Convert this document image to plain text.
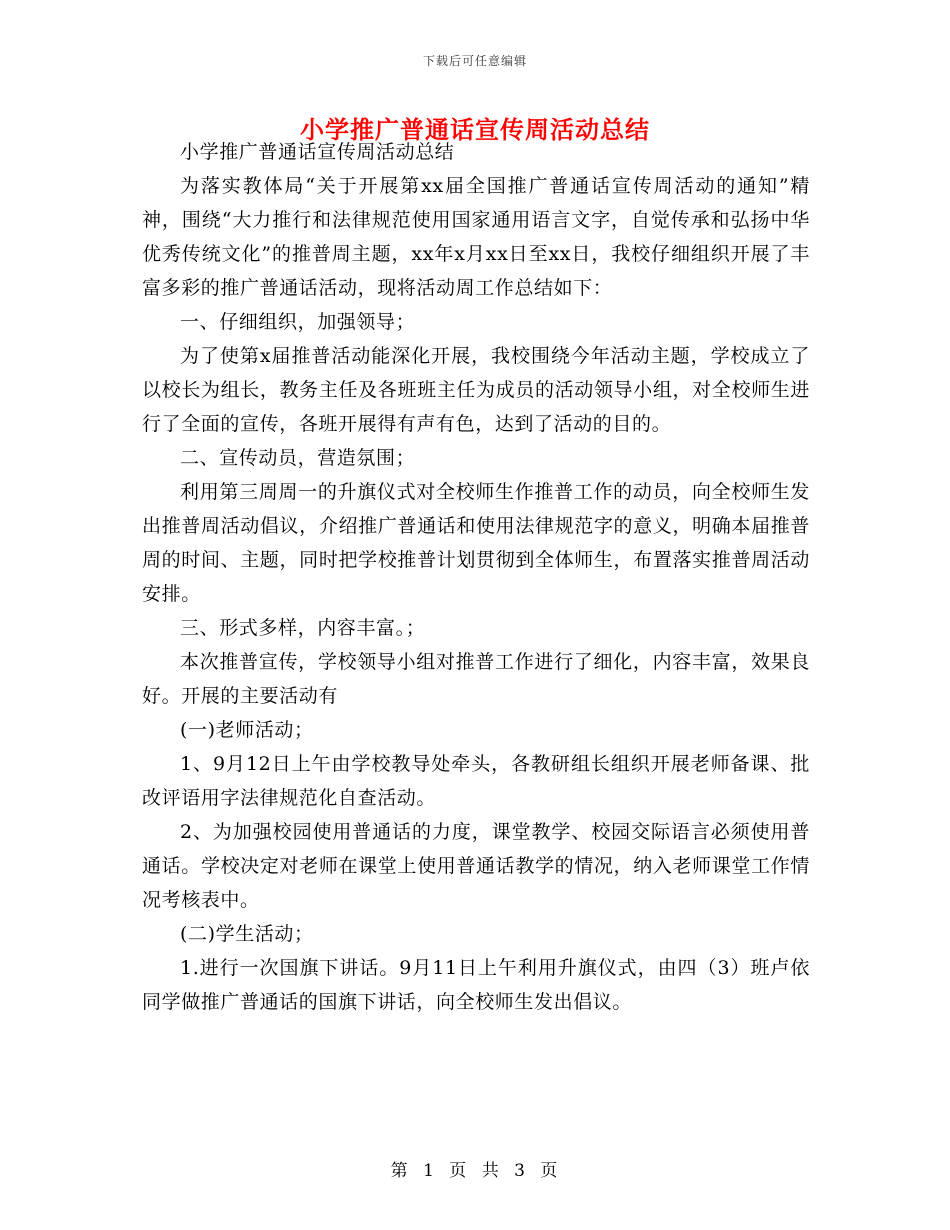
下载后可任意编辑
小学推广普通话宣传周活动总结

小学推广普通话宣传周活动总结

为落实教体局“关于开展第xx届全国推广普通话宣传周活动的通知”精神，围绕“大力推行和法律规范使用国家通用语言文字，自觉传承和弘扬中华优秀传统文化”的推普周主题，xx年x月xx日至xx日，我校仔细组织开展了丰富多彩的推广普通话活动，现将活动周工作总结如下：

一、仔细组织，加强领导；

为了使第x届推普活动能深化开展，我校围绕今年活动主题，学校成立了以校长为组长，教务主任及各班班主任为成员的活动领导小组，对全校师生进行了全面的宣传，各班开展得有声有色，达到了活动的目的。

二、宣传动员，营造氛围；

利用第三周周一的升旗仪式对全校师生作推普工作的动员，向全校师生发出推普周活动倡议，介绍推广普通话和使用法律规范字的意义，明确本届推普周的时间、主题，同时把学校推普计划贯彻到全体师生，布置落实推普周活动安排。

三、形式多样，内容丰富。；

本次推普宣传，学校领导小组对推普工作进行了细化，内容丰富，效果良好。开展的主要活动有

(一)老师活动；

1、9月12日上午由学校教导处牵头，各教研组长组织开展老师备课、批改评语用字法律规范化自查活动。

2、为加强校园使用普通话的力度，课堂教学、校园交际语言必须使用普通话。学校决定对老师在课堂上使用普通话教学的情况，纳入老师课堂工作情况考核表中。

(二)学生活动；

1.进行一次国旗下讲话。9月11日上午利用升旗仪式，由四（3）班卢依同学做推广普通话的国旗下讲话，向全校师生发出倡议。

第 1 页 共 3 页
